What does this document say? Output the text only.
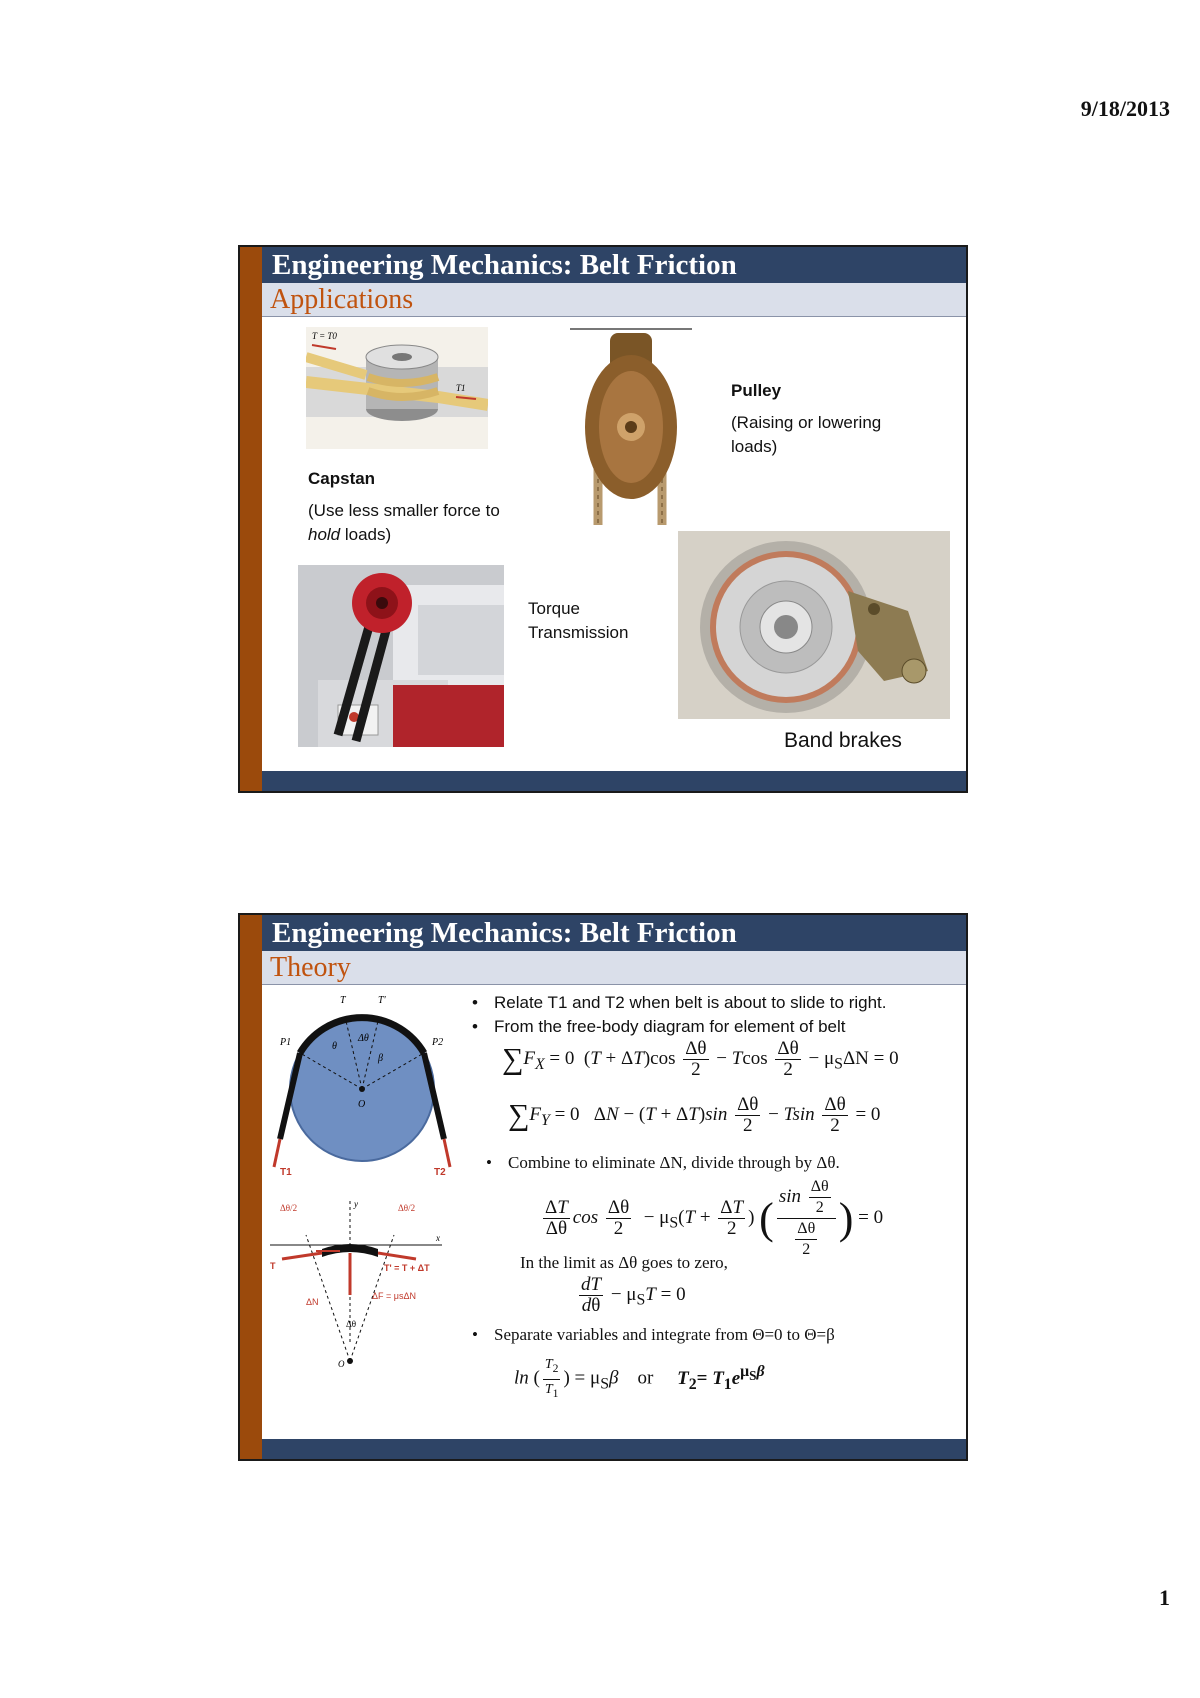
9/18/2013
Engineering Mechanics: Belt Friction
Applications
T = T0
T1
Capstan
(Use less smaller force to
hold loads)
Pulley
(Raising or lowering loads)
Torque Transmission
Band brakes
Engineering Mechanics: Belt Friction
Theory
T	T'
P1	P2
θ
Δθ
β
O
T1	T2
Δθ/2	Δθ/2
y
x
T	T' = T + ΔT
ΔN
ΔF = μsΔN
Δθ
O
• Relate T1 and T2 when belt is about to slide to right.
• From the free-body diagram for element of belt
$\sum F_X = 0$  $(T + \Delta T)\cos \frac{\Delta\theta}{2} - Tcos \frac{\Delta\theta}{2} - \mu_S\Delta N = 0$
$\sum F_Y = 0$   $\Delta N - (T + \Delta T)\sin \frac{\Delta\theta}{2} - Tsin \frac{\Delta\theta}{2} = 0$
• Combine to eliminate ΔN, divide through by Δθ.
$\frac{\Delta T}{\Delta\theta}$ $\cos \frac{\Delta\theta}{2} - \mu_S(T + \frac{\Delta T}{2}$ ) ( $\frac{\sin \frac{\Delta\theta}{2}}{\frac{\Delta\theta}{2}}$ ) = 0
In the limit as Δθ goes to zero,
$\frac{dT}{d\theta} - \mu_ST = 0$
• Separate variables and integrate from Θ=0 to Θ=β
ln ( $\frac{T_2}{T_1}$ ) = $\mu_S\beta$ or $T_2= T_1e^{\mu_S\beta}$
1
